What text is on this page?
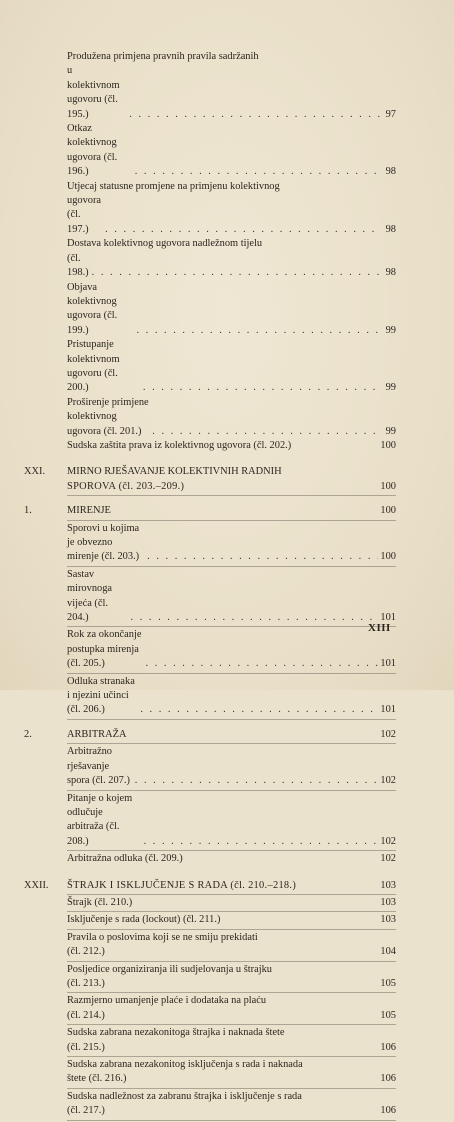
Produžena primjena pravnih pravila sadržanih
u kolektivnom ugovoru (čl. 195.) . . .	97
Otkaz kolektivnog ugovora (čl. 196.) . . .	98
Utjecaj statusne promjene na primjenu kolektivnog
ugovora (čl. 197.) . . .	98
Dostava kolektivnog ugovora nadležnom tijelu
(čl. 198.) . . .	98
Objava kolektivnog ugovora (čl. 199.) . . .	99
Pristupanje kolektivnom ugovoru (čl. 200.) . . .	99
Proširenje primjene kolektivnog ugovora (čl. 201.) . . .	99
Sudska zaštita prava iz kolektivnog ugovora (čl. 202.)	100
XXI. MIRNO RJEŠAVANJE KOLEKTIVNIH RADNIH
SPOROVA (čl. 203.–209.)	100
1.	MIRENJE	100
Sporovi u kojima je obvezno mirenje (čl. 203.) . . .	100
Sastav mirovnoga vijeća (čl. 204.) . . .	101
Rok za okončanje postupka mirenja (čl. 205.) . . .	101
Odluka stranaka i njezini učinci (čl. 206.) . . .	101
2.	ARBITRAŽA	102
Arbitražno rješavanje spora (čl. 207.) . . .	102
Pitanje o kojem odlučuje arbitraža (čl. 208.) . . .	102
Arbitražna odluka (čl. 209.)	102
XXII. ŠTRAJK I ISKLJUČENJE S RADA (čl. 210.–218.)	103
Štrajk (čl. 210.)	103
Isključenje s rada (lockout) (čl. 211.)	103
Pravila o poslovima koji se ne smiju prekidati
(čl. 212.)	104
Posljedice organiziranja ili sudjelovanja u štrajku
(čl. 213.)	105
Razmjerno umanjenje plaće i dodataka na plaću
(čl. 214.)	105
Sudska zabrana nezakonitoga štrajka i naknada štete
(čl. 215.)	106
Sudska zabrana nezakonitog isključenja s rada i naknada
štete (čl. 216.)	106
Sudska nadležnost za zabranu štrajka i isključenje s rada
(čl. 217.)	106
XIII
